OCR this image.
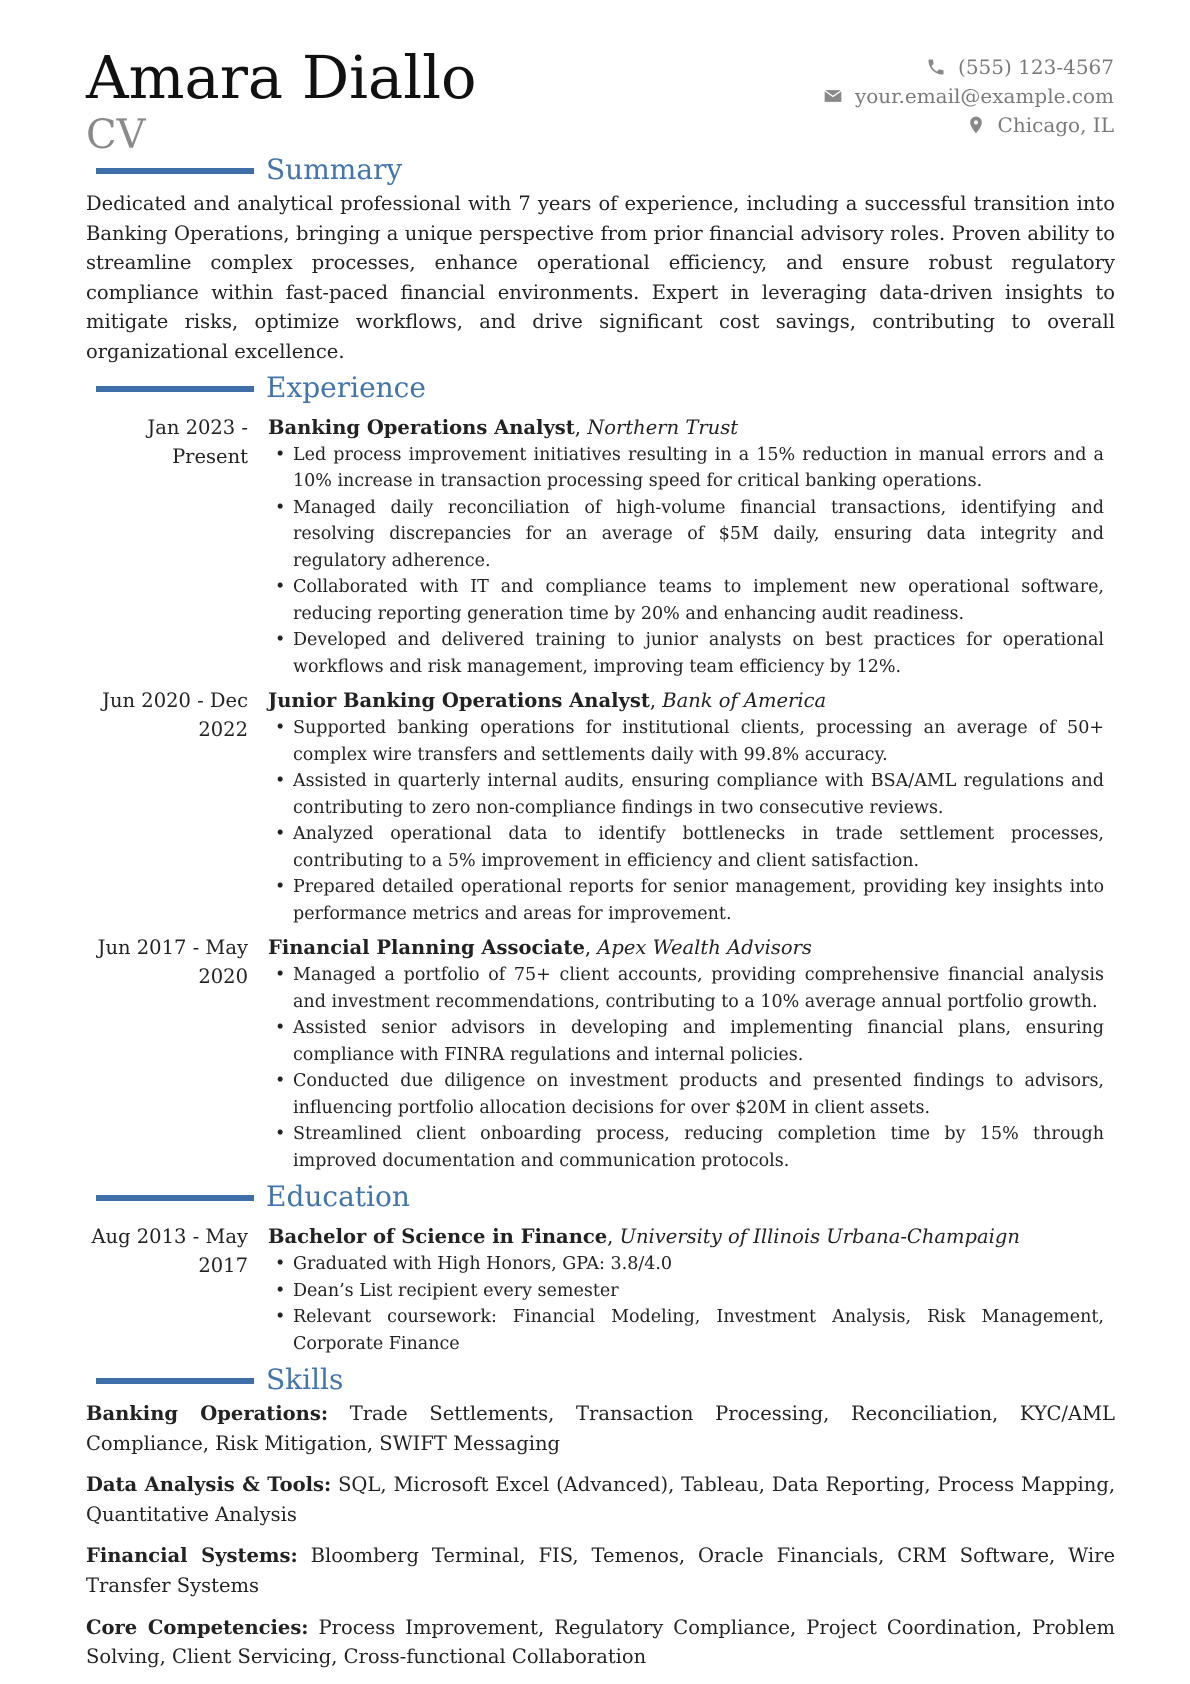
Amara Diallo
CV
(555) 123-4567
your.email@example.com
Chicago, IL
Summary
Dedicated and analytical professional with 7 years of experience, including a successful transition into Banking Operations, bringing a unique perspective from prior financial advisory roles. Proven ability to streamline complex processes, enhance operational efficiency, and ensure robust regulatory compliance within fast-paced financial environments. Expert in leveraging data-driven insights to mitigate risks, optimize workflows, and drive significant cost savings, contributing to overall organizational excellence.
Experience
Jan 2023 - Present
Banking Operations Analyst, Northern Trust
• Led process improvement initiatives resulting in a 15% reduction in manual errors and a 10% increase in transaction processing speed for critical banking operations.
• Managed daily reconciliation of high-volume financial transactions, identifying and resolving discrepancies for an average of $5M daily, ensuring data integrity and regulatory adherence.
• Collaborated with IT and compliance teams to implement new operational software, reducing reporting generation time by 20% and enhancing audit readiness.
• Developed and delivered training to junior analysts on best practices for operational workflows and risk management, improving team efficiency by 12%.
Jun 2020 - Dec 2022
Junior Banking Operations Analyst, Bank of America
• Supported banking operations for institutional clients, processing an average of 50+ complex wire transfers and settlements daily with 99.8% accuracy.
• Assisted in quarterly internal audits, ensuring compliance with BSA/AML regulations and contributing to zero non-compliance findings in two consecutive reviews.
• Analyzed operational data to identify bottlenecks in trade settlement processes, contributing to a 5% improvement in efficiency and client satisfaction.
• Prepared detailed operational reports for senior management, providing key insights into performance metrics and areas for improvement.
Jun 2017 - May 2020
Financial Planning Associate, Apex Wealth Advisors
• Managed a portfolio of 75+ client accounts, providing comprehensive financial analysis and investment recommendations, contributing to a 10% average annual portfolio growth.
• Assisted senior advisors in developing and implementing financial plans, ensuring compliance with FINRA regulations and internal policies.
• Conducted due diligence on investment products and presented findings to advisors, influencing portfolio allocation decisions for over $20M in client assets.
• Streamlined client onboarding process, reducing completion time by 15% through improved documentation and communication protocols.
Education
Aug 2013 - May 2017
Bachelor of Science in Finance, University of Illinois Urbana-Champaign
• Graduated with High Honors, GPA: 3.8/4.0
• Dean’s List recipient every semester
• Relevant coursework: Financial Modeling, Investment Analysis, Risk Management, Corporate Finance
Skills
Banking Operations: Trade Settlements, Transaction Processing, Reconciliation, KYC/AML Compliance, Risk Mitigation, SWIFT Messaging
Data Analysis & Tools: SQL, Microsoft Excel (Advanced), Tableau, Data Reporting, Process Mapping, Quantitative Analysis
Financial Systems: Bloomberg Terminal, FIS, Temenos, Oracle Financials, CRM Software, Wire Transfer Systems
Core Competencies: Process Improvement, Regulatory Compliance, Project Coordination, Problem Solving, Client Servicing, Cross-functional Collaboration
